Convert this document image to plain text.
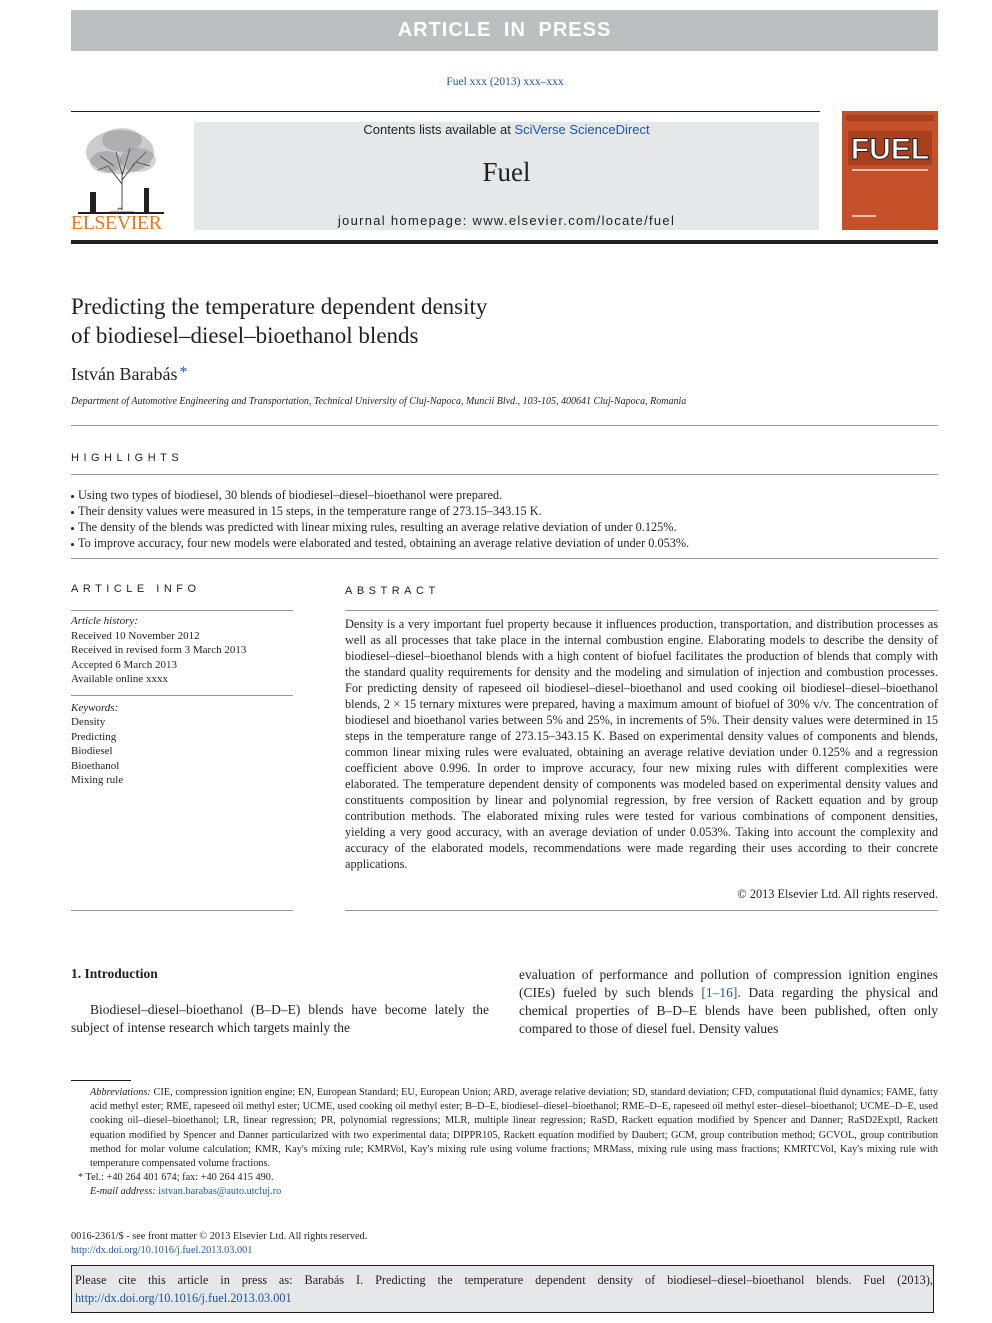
ARTICLE IN PRESS
Fuel xxx (2013) xxx–xxx
ELSEVIER
Contents lists available at SciVerse ScienceDirect
Fuel
journal homepage: www.elsevier.com/locate/fuel
FUEL
Predicting the temperature dependent density
of biodiesel–diesel–bioethanol blends
István Barabás *
Department of Automotive Engineering and Transportation, Technical University of Cluj-Napoca, Muncii Blvd., 103-105, 400641 Cluj-Napoca, Romania
HIGHLIGHTS
Using two types of biodiesel, 30 blends of biodiesel–diesel–bioethanol were prepared.
Their density values were measured in 15 steps, in the temperature range of 273.15–343.15 K.
The density of the blends was predicted with linear mixing rules, resulting an average relative deviation of under 0.125%.
To improve accuracy, four new models were elaborated and tested, obtaining an average relative deviation of under 0.053%.
ARTICLE INFO
Article history:
Received 10 November 2012
Received in revised form 3 March 2013
Accepted 6 March 2013
Available online xxxx
Keywords:
Density
Predicting
Biodiesel
Bioethanol
Mixing rule
ABSTRACT
Density is a very important fuel property because it influences production, transportation, and distribution processes as well as all processes that take place in the internal combustion engine. Elaborating models to describe the density of biodiesel–diesel–bioethanol blends with a high content of biofuel facilitates the production of blends that comply with the standard quality requirements for density and the modeling and simulation of injection and combustion processes. For predicting density of rapeseed oil biodiesel–diesel–bioethanol and used cooking oil biodiesel–diesel–bioethanol blends, 2 × 15 ternary mixtures were prepared, having a maximum amount of biofuel of 30% v/v. The concentration of biodiesel and bioethanol varies between 5% and 25%, in increments of 5%. Their density values were determined in 15 steps in the temperature range of 273.15–343.15 K. Based on experimental density values of components and blends, common linear mixing rules were evaluated, obtaining an average relative deviation under 0.125% and a regression coefficient above 0.996. In order to improve accuracy, four new mixing rules with different complexities were elaborated. The temperature dependent density of components was modeled based on experimental density values and constituents composition by linear and polynomial regression, by free version of Rackett equation and by group contribution methods. The elaborated mixing rules were tested for various combinations of component densities, yielding a very good accuracy, with an average deviation of under 0.053%. Taking into account the complexity and accuracy of the elaborated models, recommendations were made regarding their uses according to their concrete applications.
© 2013 Elsevier Ltd. All rights reserved.
1. Introduction
Biodiesel–diesel–bioethanol (B–D–E) blends have become lately the subject of intense research which targets mainly the
evaluation of performance and pollution of compression ignition engines (CIEs) fueled by such blends [1–16]. Data regarding the physical and chemical properties of B–D–E blends have been published, often only compared to those of diesel fuel. Density values

Abbreviations: CIE, compression ignition engine; EN, European Standard; EU, European Union; ARD, average relative deviation; SD, standard deviation; CFD, computational fluid dynamics; FAME, fatty acid methyl ester; RME, rapeseed oil methyl ester; UCME, used cooking oil methyl ester; B–D–E, biodiesel–diesel–bioethanol; RME–D–E, rapeseed oil methyl ester–diesel–bioethanol; UCME–D–E, used cooking oil–diesel–bioethanol; LR, linear regression; PR, polynomial regressions; MLR, multiple linear regression; RaSD, Rackett equation modified by Spencer and Danner; RaSD2Exptl, Rackett equation modified by Spencer and Danner particularized with two experimental data; DIPPR105, Rackett equation modified by Daubert; GCM, group contribution method; GCVOL, group contribution method for molar volume calculation; KMR, Kay's mixing rule; KMRVol, Kay's mixing rule using volume fractions; MRMass, mixing rule using mass fractions; KMRTCVol, Kay's mixing rule with temperature compensated volume fractions.

* Tel.: +40 264 401 674; fax: +40 264 415 490.

E-mail address: istvan.barabas@auto.utcluj.ro

0016-2361/$ - see front matter © 2013 Elsevier Ltd. All rights reserved.
http://dx.doi.org/10.1016/j.fuel.2013.03.001
Please cite this article in press as: Barabás I. Predicting the temperature dependent density of biodiesel–diesel–bioethanol blends. Fuel (2013), http://dx.doi.org/10.1016/j.fuel.2013.03.001
